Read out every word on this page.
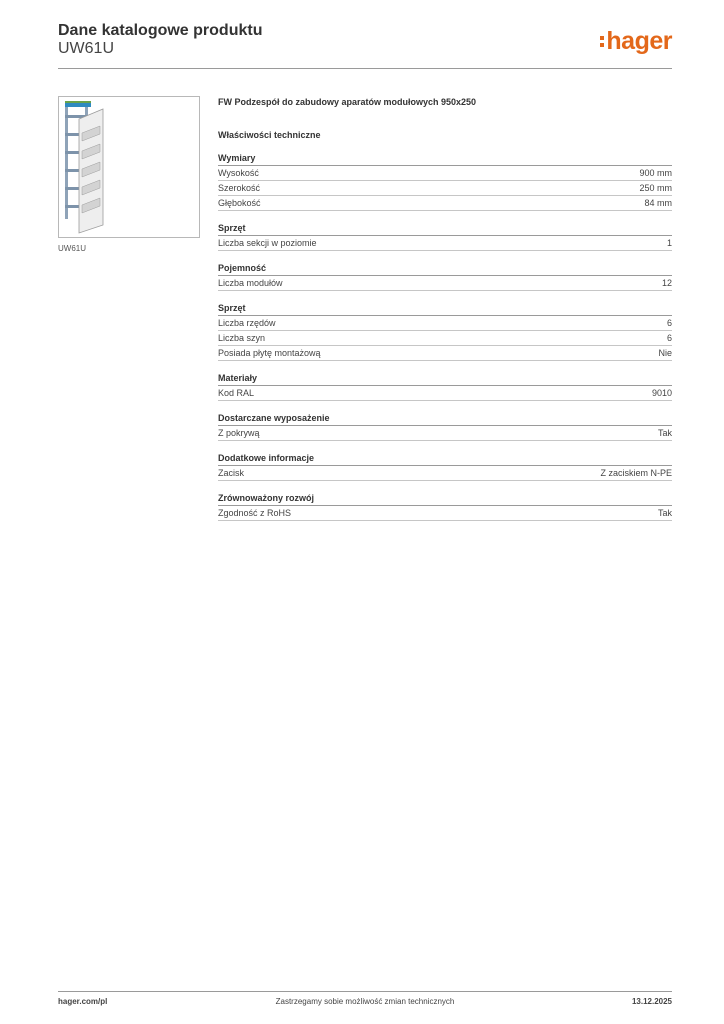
Dane katalogowe produktu
UW61U	hager
UW61U
FW Podzespół do zabudowy aparatów modułowych 950x250
Właściwości techniczne
Wymiary
Wysokość	900 mm
Szerokość	250 mm
Głębokość	84 mm
Sprzęt
Liczba sekcji w poziomie	1
Pojemność
Liczba modułów	12
Sprzęt
Liczba rzędów	6
Liczba szyn	6
Posiada płytę montażową	Nie
Materiały
Kod RAL	9010
Dostarczane wyposażenie
Z pokrywą	Tak
Dodatkowe informacje
Zacisk	Z zaciskiem N-PE
Zrównoważony rozwój
Zgodność z RoHS	Tak
hager.com/pl	Zastrzegamy sobie możliwość zmian technicznych	13.12.2025
